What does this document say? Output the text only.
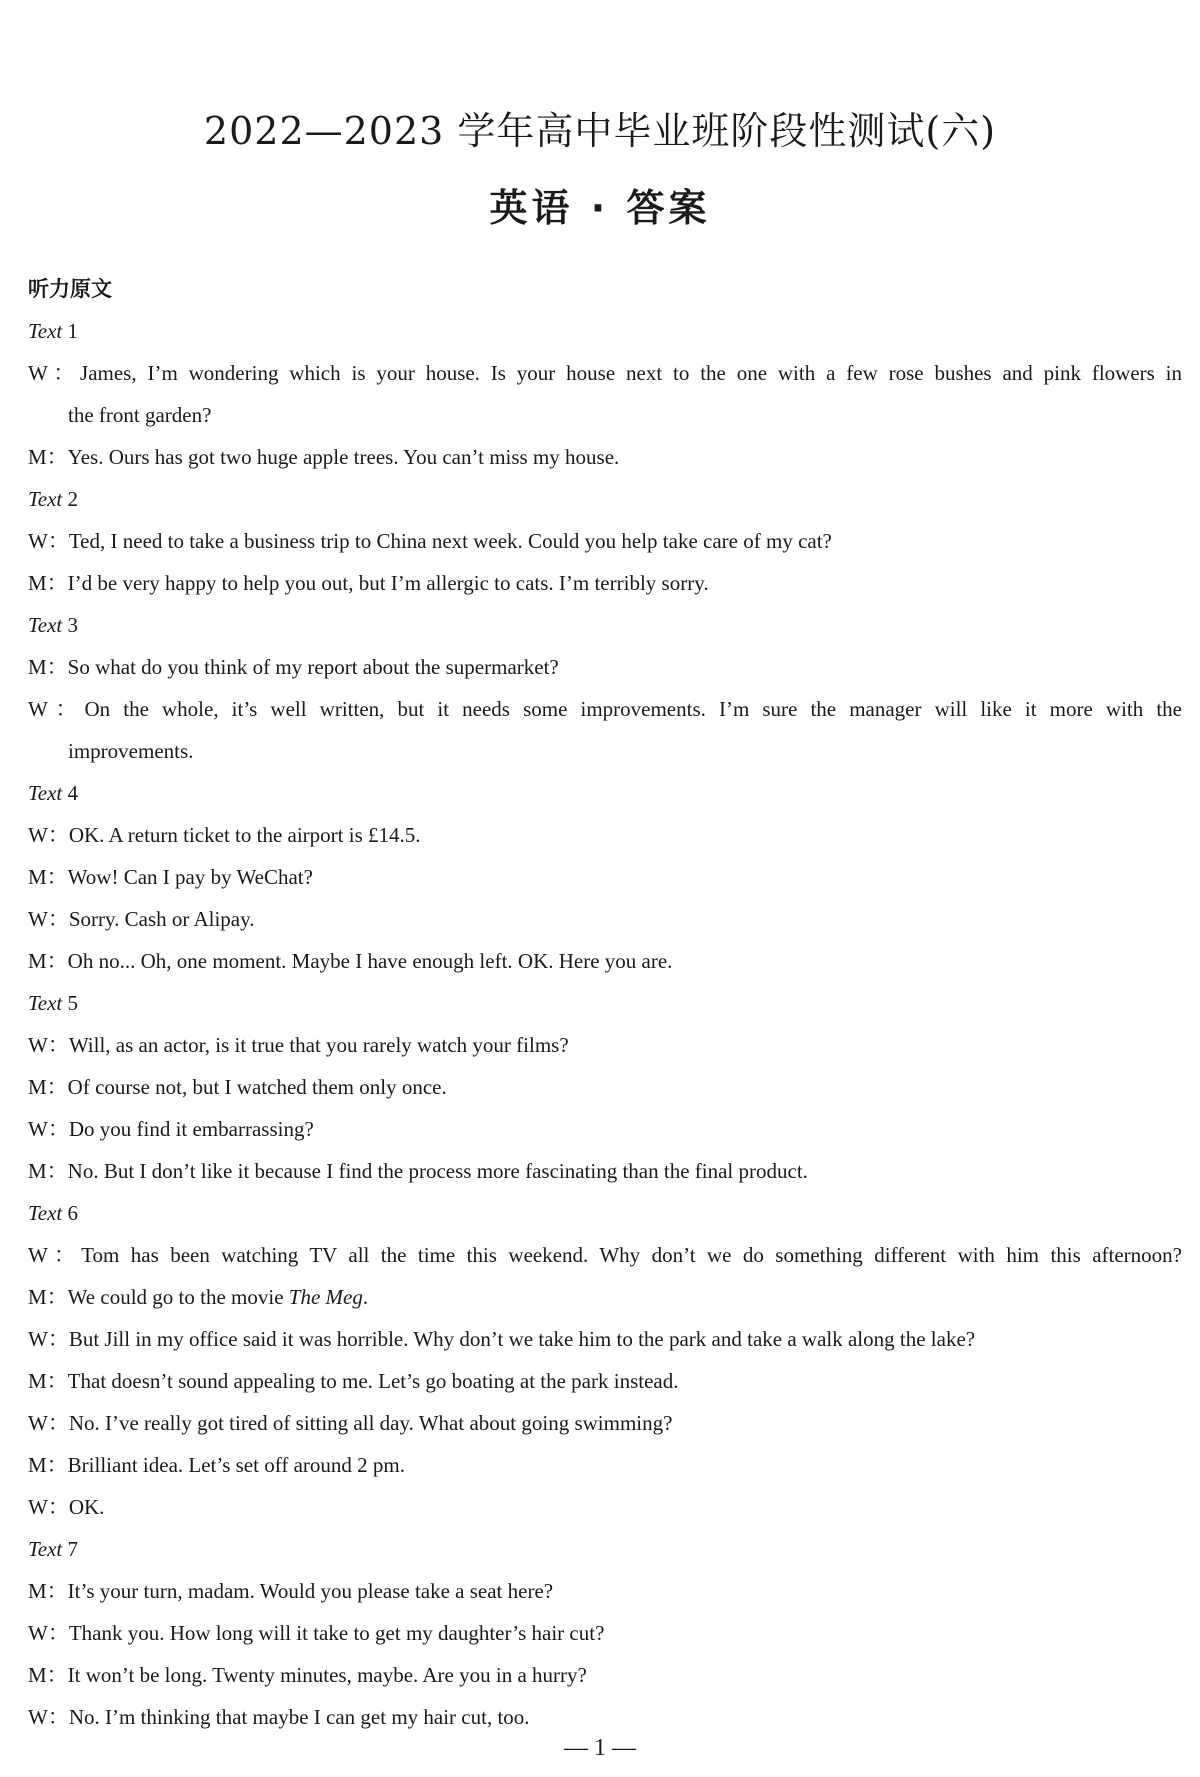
2022—2023 学年高中毕业班阶段性测试(六)
英语 · 答案
听力原文
Text 1
W：James, I’m wondering which is your house. Is your house next to the one with a few rose bushes and pink flowers in
the front garden?
M：Yes. Ours has got two huge apple trees. You can’t miss my house.
Text 2
W：Ted, I need to take a business trip to China next week. Could you help take care of my cat?
M：I’d be very happy to help you out, but I’m allergic to cats. I’m terribly sorry.
Text 3
M：So what do you think of my report about the supermarket?
W：On the whole, it’s well written, but it needs some improvements. I’m sure the manager will like it more with the
improvements.
Text 4
W：OK. A return ticket to the airport is £14.5.
M：Wow! Can I pay by WeChat?
W：Sorry. Cash or Alipay.
M：Oh no... Oh, one moment. Maybe I have enough left. OK. Here you are.
Text 5
W：Will, as an actor, is it true that you rarely watch your films?
M：Of course not, but I watched them only once.
W：Do you find it embarrassing?
M：No. But I don’t like it because I find the process more fascinating than the final product.
Text 6
W：Tom has been watching TV all the time this weekend. Why don’t we do something different with him this afternoon?
M：We could go to the movie The Meg.
W：But Jill in my office said it was horrible. Why don’t we take him to the park and take a walk along the lake?
M：That doesn’t sound appealing to me. Let’s go boating at the park instead.
W：No. I’ve really got tired of sitting all day. What about going swimming?
M：Brilliant idea. Let’s set off around 2 pm.
W：OK.
Text 7
M：It’s your turn, madam. Would you please take a seat here?
W：Thank you. How long will it take to get my daughter’s hair cut?
M：It won’t be long. Twenty minutes, maybe. Are you in a hurry?
W：No. I’m thinking that maybe I can get my hair cut, too.
— 1 —
